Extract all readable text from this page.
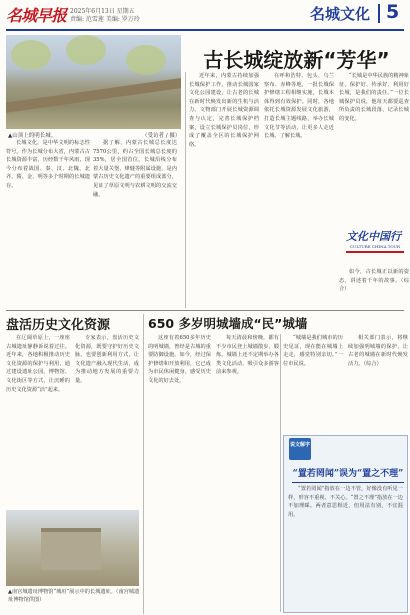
名城早报 2025年6月13日 星期五
责编: 范雪莲 美编: 罗万玲	名城文化 5
▲山顶上的明长城。	（受访者 / 摄）
古长城绽放新“芳华”

长城文化，是中华文明的标志性符号。作为长城分布大省，内蒙古古长城资源丰富，历经数千年风雨，现今分布着战国、秦、汉、北魏、北齐、隋、金、明等多个时期的长城遗存。

据了解，内蒙古长城总长度达7570公里，约占全国长城总长度的35%，居全国首位。长城沿线分布着大量关堡、烽燧等附属设施，是内蒙古历史文化遗产的重要组成部分，见证了草原文明与农耕文明的交流交融。

近年来，内蒙古持续加强长城保护工作，推动长城国家文化公园建设，让古老的长城在新时代焕发出新的生机与活力。文物部门开展长城资源调查与认定，完善长城保护档案，设立长城保护员岗位，形成了覆盖全区的长城保护网络。

在呼和浩特、包头、乌兰察布、赤峰等地，一批长城保护修缮工程相继实施，长城本体得到有效保护。同时，各地依托长城资源发展文化旅游，打造长城主题线路，举办长城文化节等活动，让更多人走近长城、了解长城。

“长城是中华民族的精神象征，保护好、传承好、利用好长城，是我们的责任。”一位长城保护员说，他每天都要巡查所负责的长城段落，记录长城的变化。

文化中国行
CULTURE CHINA TOUR

如今，古长城正以新的姿态，讲述着千年的故事。（综合）

盘活历史文化资源

在辽阔草原上，一座座古城遗址静静诉说着过往。近年来，各地积极推动历史文化资源的保护与利用，通过建设遗址公园、博物馆、文化街区等方式，让沉睡的历史文化资源“活”起来。

专家表示，盘活历史文化资源，既要守护好历史文脉，也要创新利用方式，让文化遗产融入现代生活，成为推动地方发展的重要力量。

▲南宫城遗址博物馆“城垣”展示中的长城遗址。（南宫城遗址博物馆供图）
650 多岁明城墙成“民”城墙

这座有着650多年历史的明城墙，曾经是古城的重要防御设施。如今，经过保护修缮和开放利用，它已成为市民休闲健身、感受历史文化的好去处。

每天清晨和傍晚，都有不少市民登上城墙散步、锻炼。城墙上还不定期举办各类文化活动，吸引众多游客前来参观。

“城墙是我们城市的历史见证，现在能在城墙上走走，感觉特别亲切。”一位市民说。

相关部门表示，将继续加强明城墙的保护，让古老的城墙在新时代焕发活力。（综合）

说文解字
“置若罔闻”误为“置之不理”

“置若罔闻”指放在一边不管，好像没有听见一样，形容不重视、不关心。“置之不理”指放在一边不加理睬。两者意思相近，但用法有别，不宜混用。
